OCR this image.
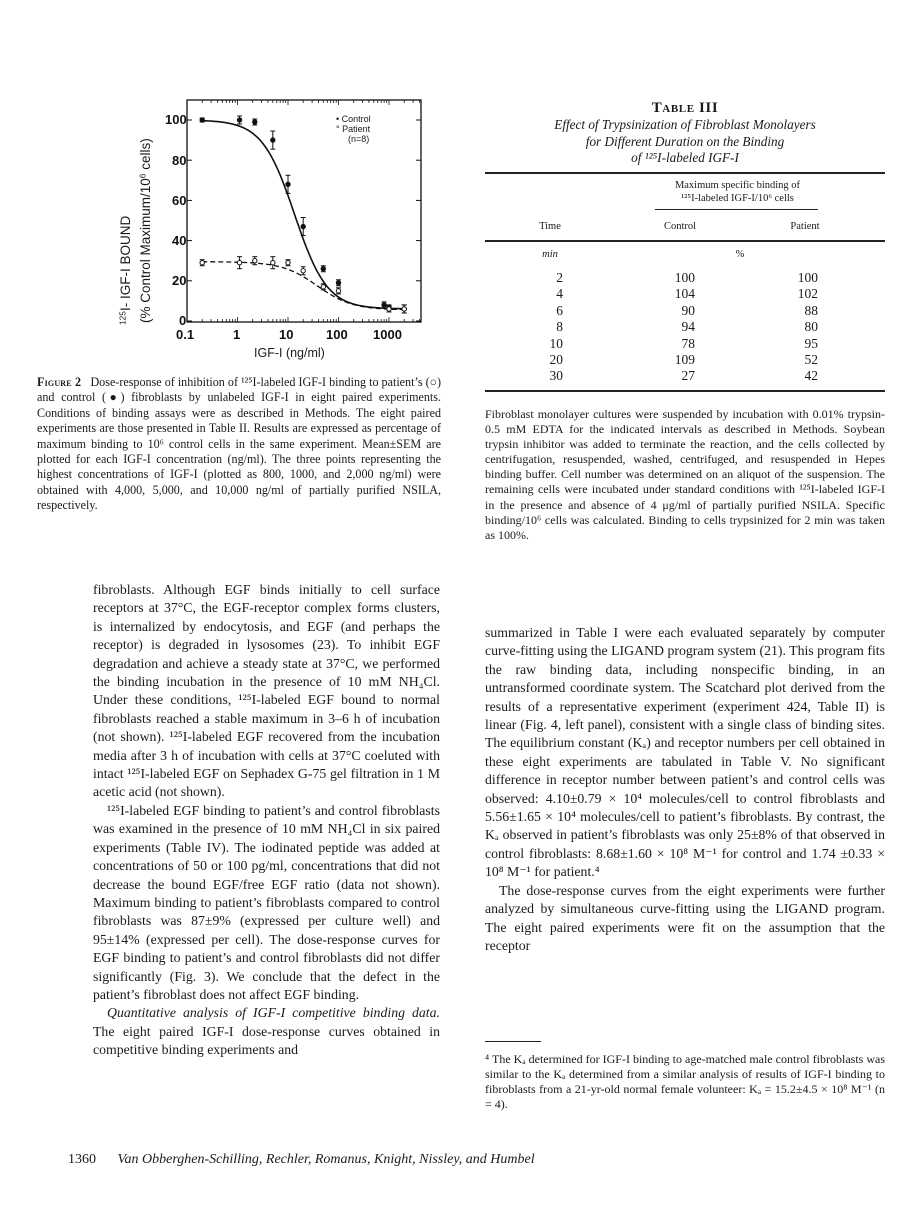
$^{125}$I- IGF-I BOUND (% Control Maximum/$10^6$ cells)
100
80
60
40
20
0
0.1	1	10	100 1000
IGF-I (ng/ml)
• Control
° Patient
(n=8)
Figure 2 Dose-response of inhibition of ¹²⁵I-labeled IGF-I binding to patient’s (○) and control (●) fibroblasts by unlabeled IGF-I in eight paired experiments. Conditions of binding assays were as described in Methods. The eight paired experiments are those presented in Table II. Results are expressed as percentage of maximum binding to 10⁶ control cells in the same experiment. Mean±SEM are plotted for each IGF-I concentration (ng/ml). The three points representing the highest concentrations of IGF-I (plotted as 800, 1000, and 2,000 ng/ml) were obtained with 4,000, 5,000, and 10,000 ng/ml of partially purified NSILA, respectively.
Table III
Effect of Trypsinization of Fibroblast Monolayers
for Different Duration on the Binding
of ¹²⁵I-labeled IGF-I
Maximum specific binding of
¹²⁵I-labeled IGF-I/10⁶ cells
Time	Control	Patient
min	%
2	100	100
4	104	102
6	90	88
8	94	80
10	78	95
20	109	52
30	27	42
Fibroblast monolayer cultures were suspended by incubation with 0.01% trypsin-0.5 mM EDTA for the indicated intervals as described in Methods. Soybean trypsin inhibitor was added to terminate the reaction, and the cells collected by centrifugation, resuspended, washed, centrifuged, and resuspended in Hepes binding buffer. Cell number was determined on an aliquot of the suspension. The remaining cells were incubated under standard conditions with ¹²⁵I-labeled IGF-I in the presence and absence of 4 μg/ml of partially purified NSILA. Specific binding/10⁶ cells was calculated. Binding to cells trypsinized for 2 min was taken as 100%.

fibroblasts. Although EGF binds initially to cell surface receptors at 37°C, the EGF-receptor complex forms clusters, is internalized by endocytosis, and EGF (and perhaps the receptor) is degraded in lysosomes (23). To inhibit EGF degradation and achieve a steady state at 37°C, we performed the binding incubation in the presence of 10 mM NH₄Cl. Under these conditions, ¹²⁵I-labeled EGF bound to normal fibroblasts reached a stable maximum in 3–6 h of incubation (not shown). ¹²⁵I-labeled EGF recovered from the incubation media after 3 h of incubation with cells at 37°C coeluted with intact ¹²⁵I-labeled EGF on Sephadex G-75 gel filtration in 1 M acetic acid (not shown).

¹²⁵I-labeled EGF binding to patient’s and control fibroblasts was examined in the presence of 10 mM NH₄Cl in six paired experiments (Table IV). The iodinated peptide was added at concentrations of 50 or 100 pg/ml, concentrations that did not decrease the bound EGF/free EGF ratio (data not shown). Maximum binding to patient’s fibroblasts compared to control fibroblasts was 87±9% (expressed per culture well) and 95±14% (expressed per cell). The dose-response curves for EGF binding to patient’s and control fibroblasts did not differ significantly (Fig. 3). We conclude that the defect in the patient’s fibroblast does not affect EGF binding.

Quantitative analysis of IGF-I competitive binding data. The eight paired IGF-I dose-response curves obtained in competitive binding experiments and

summarized in Table I were each evaluated separately by computer curve-fitting using the LIGAND program system (21). This program fits the raw binding data, including nonspecific binding, in an untransformed coordinate system. The Scatchard plot derived from the results of a representative experiment (experiment 424, Table II) is linear (Fig. 4, left panel), consistent with a single class of binding sites. The equilibrium constant (Kₐ) and receptor numbers per cell obtained in these eight experiments are tabulated in Table V. No significant difference in receptor number between patient’s and control cells was observed: 4.10±0.79 × 10⁴ molecules/cell to control fibroblasts and 5.56±1.65 × 10⁴ molecules/cell to patient’s fibroblasts. By contrast, the Kₐ observed in patient’s fibroblasts was only 25±8% of that observed in control fibroblasts: 8.68±1.60 × 10⁸ M⁻¹ for control and 1.74 ±0.33 × 10⁸ M⁻¹ for patient.⁴

The dose-response curves from the eight experiments were further analyzed by simultaneous curve-fitting using the LIGAND program. The eight paired experiments were fit on the assumption that the receptor

⁴ The Kₐ determined for IGF-I binding to age-matched male control fibroblasts was similar to the Kₐ determined from a similar analysis of results of IGF-I binding to fibroblasts from a 21-yr-old normal female volunteer: Kₐ = 15.2±4.5 × 10⁸ M⁻¹ (n = 4).
1360 Van Obberghen-Schilling, Rechler, Romanus, Knight, Nissley, and Humbel
